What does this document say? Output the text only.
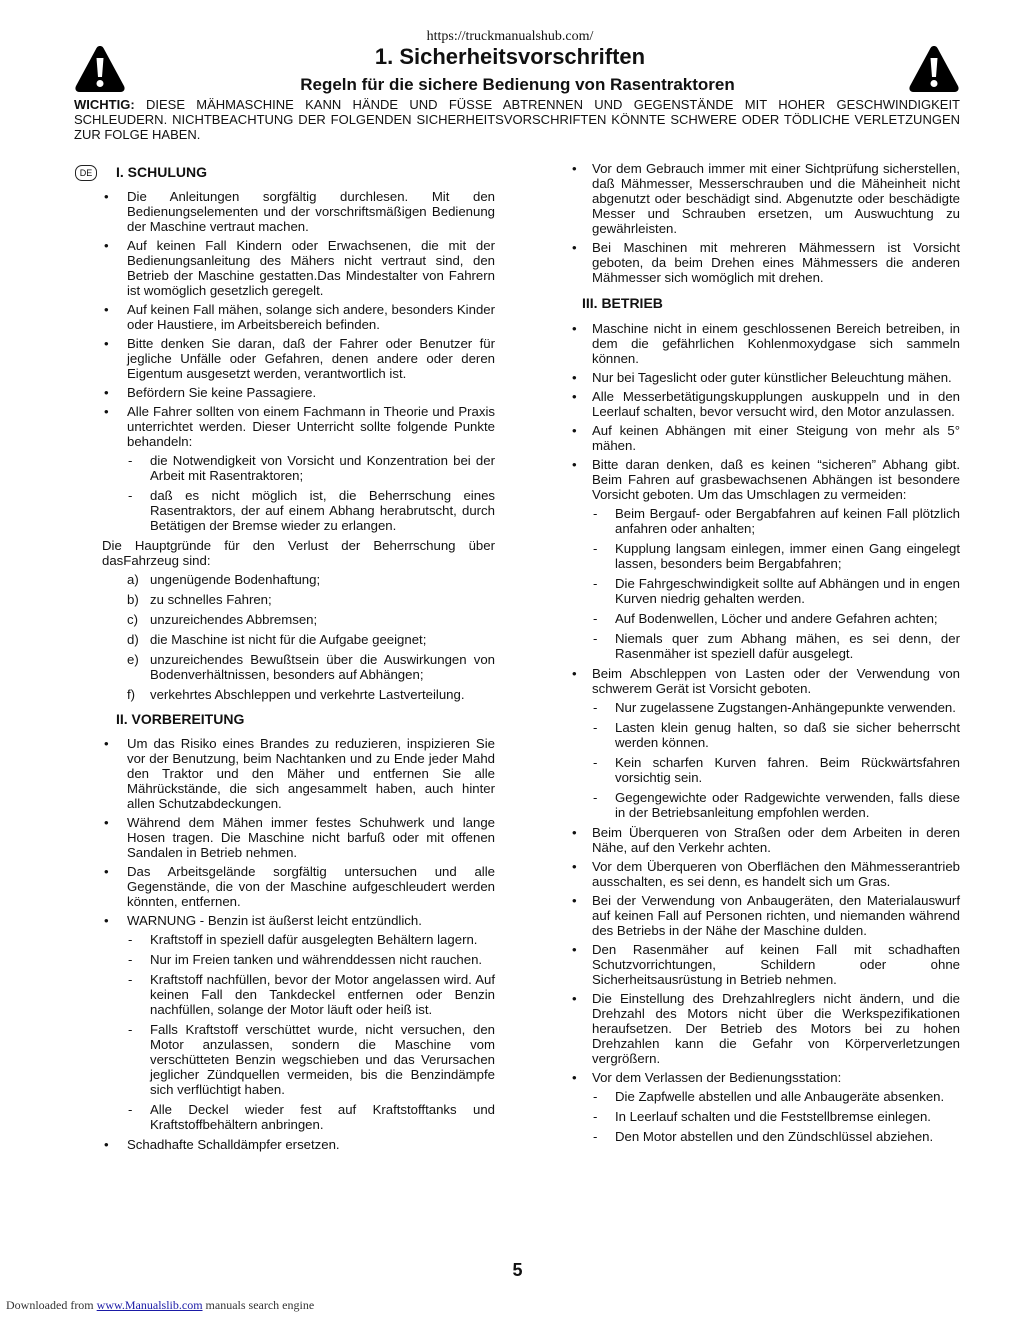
https://truckmanualshub.com/
1. Sicherheitsvorschriften
Regeln für die sichere Bedienung von Rasentraktoren
WICHTIG: DIESE MÄHMASCHINE KANN HÄNDE UND FÜSSE ABTRENNEN UND GEGENSTÄNDE MIT HOHER GESCHWINDIGKEIT SCHLEUDERN. NICHTBEACHTUNG DER FOLGENDEN SICHERHEITSVORSCHRIFTEN KÖNNTE SCHWERE ODER TÖDLICHE VERLETZUNGEN ZUR FOLGE HABEN.
DE	I. SCHULUNG
• Die Anleitungen sorgfältig durchlesen. Mit den Bedienungselementen und der vorschriftsmäßigen Bedienung der Maschine vertraut machen.
• Auf keinen Fall Kindern oder Erwachsenen, die mit der Bedienungsanleitung des Mähers nicht vertraut sind, den Betrieb der Maschine gestatten.Das Mindestalter von Fahrern ist womöglich gesetzlich geregelt.
• Auf keinen Fall mähen, solange sich andere, besonders Kinder oder Haustiere, im Arbeitsbereich befinden.
• Bitte denken Sie daran, daß der Fahrer oder Benutzer für jegliche Unfälle oder Gefahren, denen andere oder deren Eigentum ausgesetzt werden, verantwortlich ist.
• Befördern Sie keine Passagiere.
• Alle Fahrer sollten von einem Fachmann in Theorie und Praxis unterrichtet werden. Dieser Unterricht sollte folgende Punkte behandeln:
- die Notwendigkeit von Vorsicht und Konzentration bei der Arbeit mit Rasentraktoren;
- daß es nicht möglich ist, die Beherrschung eines Rasentraktors, der auf einem Abhang herabrutscht, durch Betätigen der Bremse wieder zu erlangen.
Die Hauptgründe für den Verlust der Beherrschung über dasFahrzeug sind:
a) ungenügende Bodenhaftung;
b) zu schnelles Fahren;
c) unzureichendes Abbremsen;
d) die Maschine ist nicht für die Aufgabe geeignet;
e) unzureichendes Bewußtsein über die Auswirkungen von Bodenverhältnissen, besonders auf Abhängen;
f) verkehrtes Abschleppen und verkehrte Lastverteilung.
II. VORBEREITUNG
• Um das Risiko eines Brandes zu reduzieren, inspizieren Sie vor der Benutzung, beim Nachtanken und zu Ende jeder Mahd den Traktor und den Mäher und entfernen Sie alle Mährückstände, die sich angesammelt haben, auch hinter allen Schutzabdeckungen.
• Während dem Mähen immer festes Schuhwerk und lange Hosen tragen. Die Maschine nicht barfuß oder mit offenen Sandalen in Betrieb nehmen.
• Das Arbeitsgelände sorgfältig untersuchen und alle Gegenstände, die von der Maschine aufgeschleudert werden könnten, entfernen.
• WARNUNG - Benzin ist äußerst leicht entzündlich.
- Kraftstoff in speziell dafür ausgelegten Behältern lagern.
- Nur im Freien tanken und währenddessen nicht rauchen.
- Kraftstoff nachfüllen, bevor der Motor angelassen wird. Auf keinen Fall den Tankdeckel entfernen oder Benzin nachfüllen, solange der Motor läuft oder heiß ist.
- Falls Kraftstoff verschüttet wurde, nicht versuchen, den Motor anzulassen, sondern die Maschine vom verschütteten Benzin wegschieben und das Verursachen jeglicher Zündquellen vermeiden, bis die Benzindämpfe sich verflüchtigt haben.
- Alle Deckel wieder fest auf Kraftstofftanks und Kraftstoffbehältern anbringen.
• Schadhafte Schalldämpfer ersetzen.
• Vor dem Gebrauch immer mit einer Sichtprüfung sicherstellen, daß Mähmesser, Messerschrauben und die Mäheinheit nicht abgenutzt oder beschädigt sind. Abgenutzte oder beschädigte Messer und Schrauben ersetzen, um Auswuchtung zu gewährleisten.
• Bei Maschinen mit mehreren Mähmessern ist Vorsicht geboten, da beim Drehen eines Mähmessers die anderen Mähmesser sich womöglich mit drehen.
III. BETRIEB
• Maschine nicht in einem geschlossenen Bereich betreiben, in dem die gefährlichen Kohlenmoxydgase sich sammeln können.
• Nur bei Tageslicht oder guter künstlicher Beleuchtung mähen.
• Alle Messerbetätigungskupplungen auskuppeln und in den Leerlauf schalten, bevor versucht wird, den Motor anzulassen.
• Auf keinen Abhängen mit einer Steigung von mehr als 5° mähen.
• Bitte daran denken, daß es keinen “sicheren” Abhang gibt. Beim Fahren auf grasbewachsenen Abhängen ist besondere Vorsicht geboten. Um das Umschlagen zu vermeiden:
- Beim Bergauf- oder Bergabfahren auf keinen Fall plötzlich anfahren oder anhalten;
- Kupplung langsam einlegen, immer einen Gang eingelegt lassen, besonders beim Bergabfahren;
- Die Fahrgeschwindigkeit sollte auf Abhängen und in engen Kurven niedrig gehalten werden.
- Auf Bodenwellen, Löcher und andere Gefahren achten;
- Niemals quer zum Abhang mähen, es sei denn, der Rasenmäher ist speziell dafür ausgelegt.
• Beim Abschleppen von Lasten oder der Verwendung von schwerem Gerät ist Vorsicht geboten.
- Nur zugelassene Zugstangen-Anhängepunkte verwenden.
- Lasten klein genug halten, so daß sie sicher beherrscht werden können.
- Kein scharfen Kurven fahren. Beim Rückwärtsfahren vorsichtig sein.
- Gegengewichte oder Radgewichte verwenden, falls diese in der Betriebsanleitung empfohlen werden.
• Beim Überqueren von Straßen oder dem Arbeiten in deren Nähe, auf den Verkehr achten.
• Vor dem Überqueren von Oberflächen den Mähmesserantrieb ausschalten, es sei denn, es handelt sich um Gras.
• Bei der Verwendung von Anbaugeräten, den Materialauswurf auf keinen Fall auf Personen richten, und niemanden während des Betriebs in der Nähe der Maschine dulden.
• Den Rasenmäher auf keinen Fall mit schadhaften Schutzvorrichtungen, Schildern oder ohne Sicherheitsausrüstung in Betrieb nehmen.
• Die Einstellung des Drehzahlreglers nicht ändern, und die Drehzahl des Motors nicht über die Werkspezifikationen heraufsetzen. Der Betrieb des Motors bei zu hohen Drehzahlen kann die Gefahr von Körperverletzungen vergrößern.
• Vor dem Verlassen der Bedienungsstation:
- Die Zapfwelle abstellen und alle Anbaugeräte absenken.
- In Leerlauf schalten und die Feststellbremse einlegen.
- Den Motor abstellen und den Zündschlüssel abziehen.
5
Downloaded from www.Manualslib.com manuals search engine
